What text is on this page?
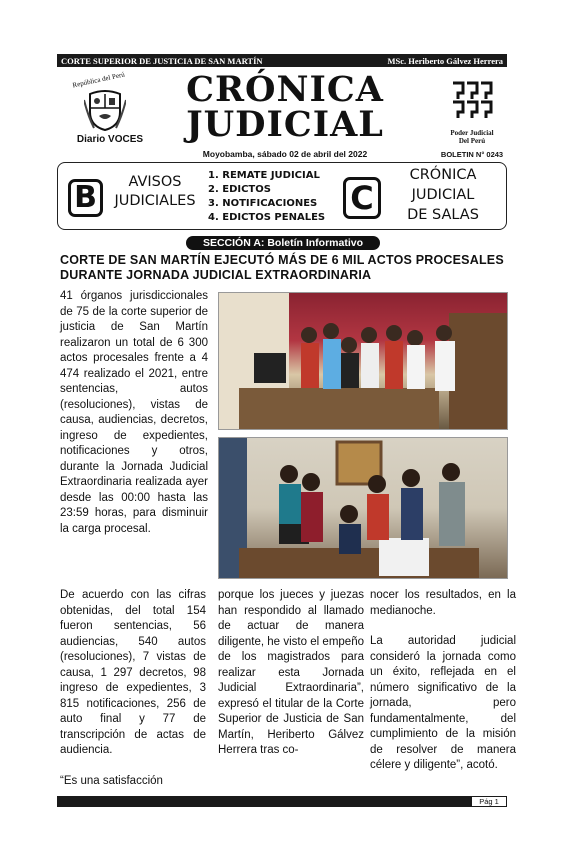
CORTE SUPERIOR DE JUSTICIA DE SAN MARTÍN	MSc. Heriberto Gálvez Herrera
República del Perú
Diario VOCES
CRÓNICA
JUDICIAL
Moyobamba, sábado 02 de abril del 2022
Poder Judicial
Del Perú
BOLETIN N° 0243
B	AVISOS
JUDICIALES
1. REMATE JUDICIAL
2. EDICTOS
3. NOTIFICACIONES
4. EDICTOS PENALES
C
CRÓNICA
JUDICIAL
DE SALAS
SECCIÓN A: Boletín Informativo
CORTE DE SAN MARTÍN EJECUTÓ MÁS DE 6 MIL ACTOS PROCESALES DURANTE JORNADA JUDICIAL EXTRAORDINARIA
41 órganos jurisdiccionales de 75 de la corte superior de justicia de San Martín realizaron un total de 6 300 actos procesales frente a 4 474 realizado el 2021, entre sentencias, autos (resoluciones), vistas de causa, audiencias, decretos, ingreso de expedientes, notificaciones y otros, durante la Jornada Judicial Extraordinaria realizada ayer desde las 00:00 hasta las 23:59 horas, para disminuir la carga procesal.

De acuerdo con las cifras obtenidas, del total 154 fueron sentencias, 56 audiencias, 540 autos (resoluciones), 7 vistas de causa, 1 297 decretos, 98 ingreso de expedientes, 3 815 notificaciones, 256 de auto final y 77 de transcripción de actas de audiencia.

“Es una satisfacción

porque los jueces y juezas han respondido al llamado de actuar de manera diligente, he visto el empeño de los magistrados para realizar esta Jornada Judicial Extraordinaria”, expresó el titular de la Corte Superior de Justicia de San Martín, Heriberto Gálvez Herrera tras co-

nocer los resultados, en la medianoche.

La autoridad judicial consideró la jornada como un éxito, reflejada en el número significativo de la jornada, pero fundamentalmente, del cumplimiento de la misión de resolver de manera célere y diligente”, acotó.

Pág 1
